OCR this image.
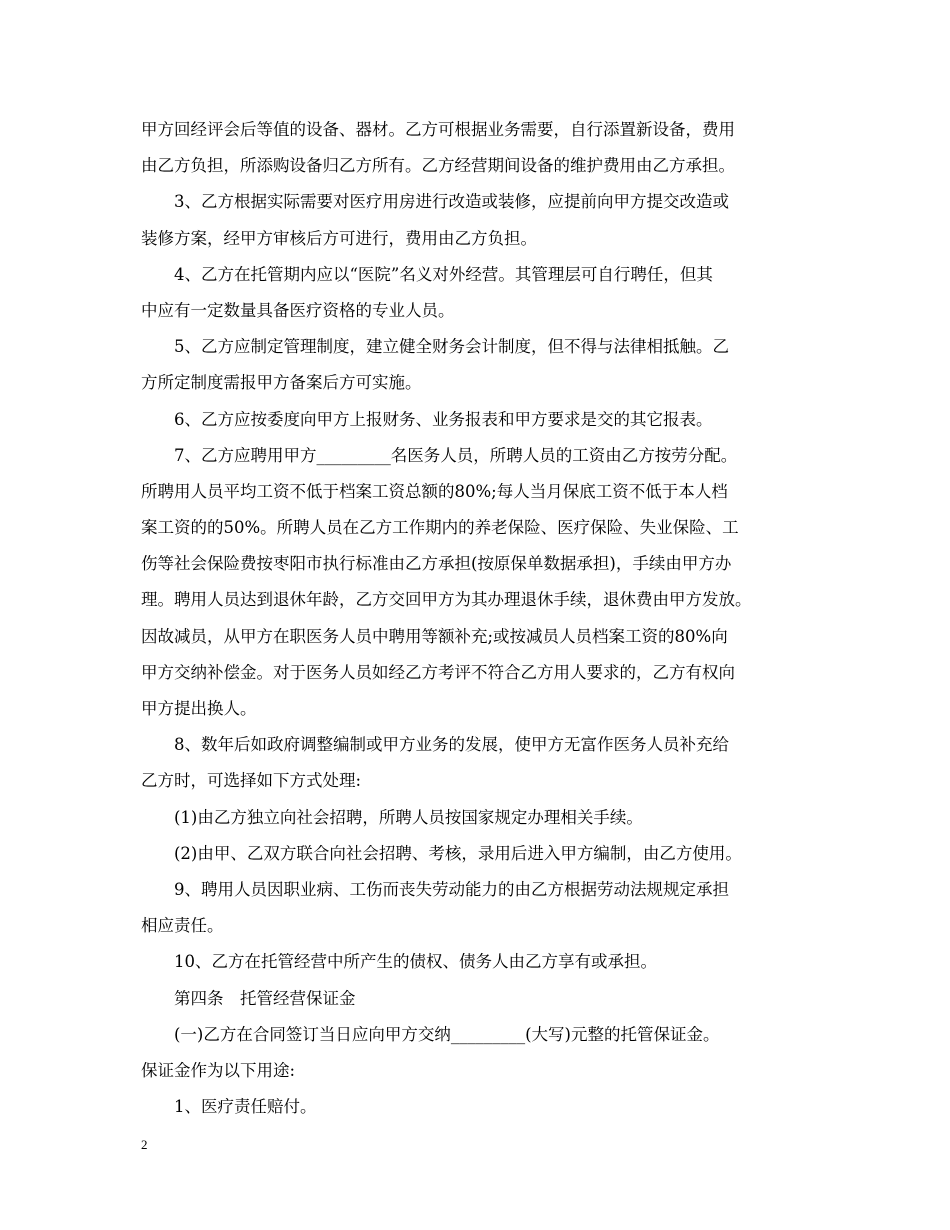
甲方回经评会后等值的设备、器材。乙方可根据业务需要，自行添置新设备，费用
由乙方负担，所添购设备归乙方所有。乙方经营期间设备的维护费用由乙方承担。
3、乙方根据实际需要对医疗用房进行改造或装修，应提前向甲方提交改造或
装修方案，经甲方审核后方可进行，费用由乙方负担。
4、乙方在托管期内应以“医院”名义对外经营。其管理层可自行聘任，但其
中应有一定数量具备医疗资格的专业人员。
5、乙方应制定管理制度，建立健全财务会计制度，但不得与法律相抵触。乙
方所定制度需报甲方备案后方可实施。
6、乙方应按委度向甲方上报财务、业务报表和甲方要求是交的其它报表。
7、乙方应聘用甲方_________名医务人员，所聘人员的工资由乙方按劳分配。
所聘用人员平均工资不低于档案工资总额的80%;每人当月保底工资不低于本人档
案工资的的50%。所聘人员在乙方工作期内的养老保险、医疗保险、失业保险、工
伤等社会保险费按枣阳市执行标准由乙方承担(按原保单数据承担)，手续由甲方办
理。聘用人员达到退休年龄，乙方交回甲方为其办理退休手续，退休费由甲方发放。
因故减员，从甲方在职医务人员中聘用等额补充;或按减员人员档案工资的80%向
甲方交纳补偿金。对于医务人员如经乙方考评不符合乙方用人要求的，乙方有权向
甲方提出换人。
8、数年后如政府调整编制或甲方业务的发展，使甲方无富作医务人员补充给
乙方时，可选择如下方式处理:
(1)由乙方独立向社会招聘，所聘人员按国家规定办理相关手续。
(2)由甲、乙双方联合向社会招聘、考核，录用后进入甲方编制，由乙方使用。
9、聘用人员因职业病、工伤而丧失劳动能力的由乙方根据劳动法规规定承担
相应责任。
10、乙方在托管经营中所产生的债权、债务人由乙方享有或承担。
第四条　托管经营保证金
(一)乙方在合同签订当日应向甲方交纳_________(大写)元整的托管保证金。
保证金作为以下用途:
1、医疗责任赔付。
2
